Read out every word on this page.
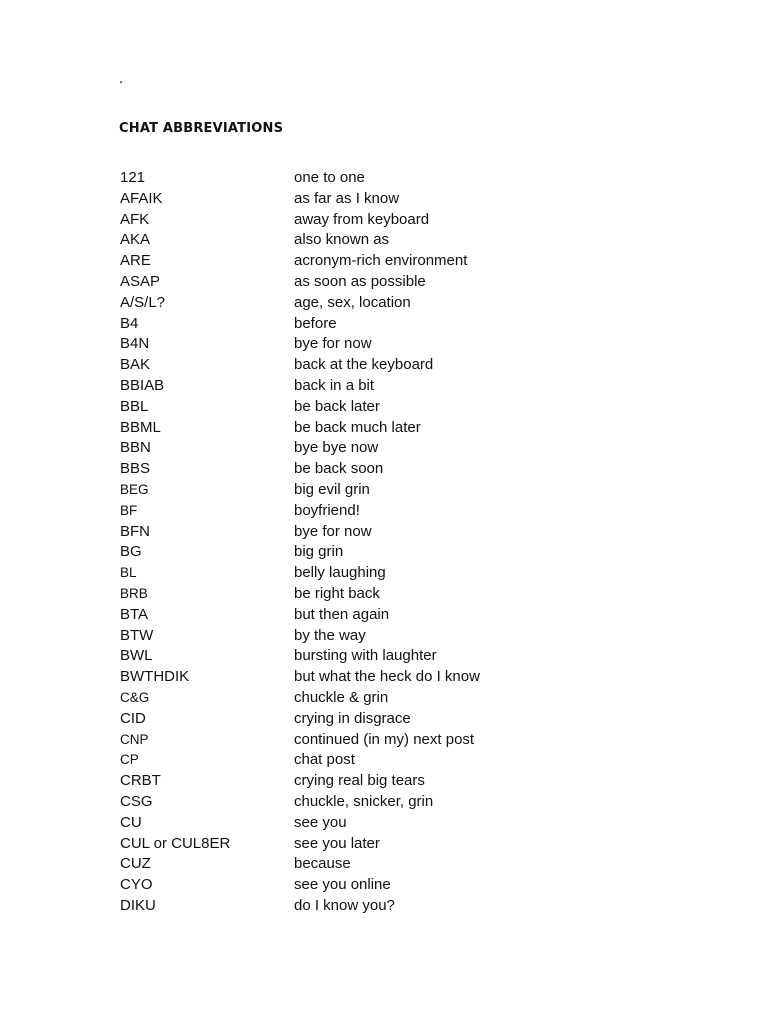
.
CHAT ABBREVIATIONS
121	one to one
AFAIK	as far as I know
AFK	away from keyboard
AKA	also known as
ARE	acronym-rich environment
ASAP	as soon as possible
A/S/L?	age, sex, location
B4	before
B4N	bye for now
BAK	back at the keyboard
BBIAB	back in a bit
BBL	be back later
BBML	be back much later
BBN	bye bye now
BBS	be back soon
BEG	big evil grin
BF	boyfriend!
BFN	bye for now
BG	big grin
BL	belly laughing
BRB	be right back
BTA	but then again
BTW	by the way
BWL	bursting with laughter
BWTHDIK	but what the heck do I know
C&G	chuckle & grin
CID	crying in disgrace
CNP	continued (in my) next post
CP	chat post
CRBT	crying real big tears
CSG	chuckle, snicker, grin
CU	see you
CUL or CUL8ER	see you later
CUZ	because
CYO	see you online
DIKU	do I know you?
